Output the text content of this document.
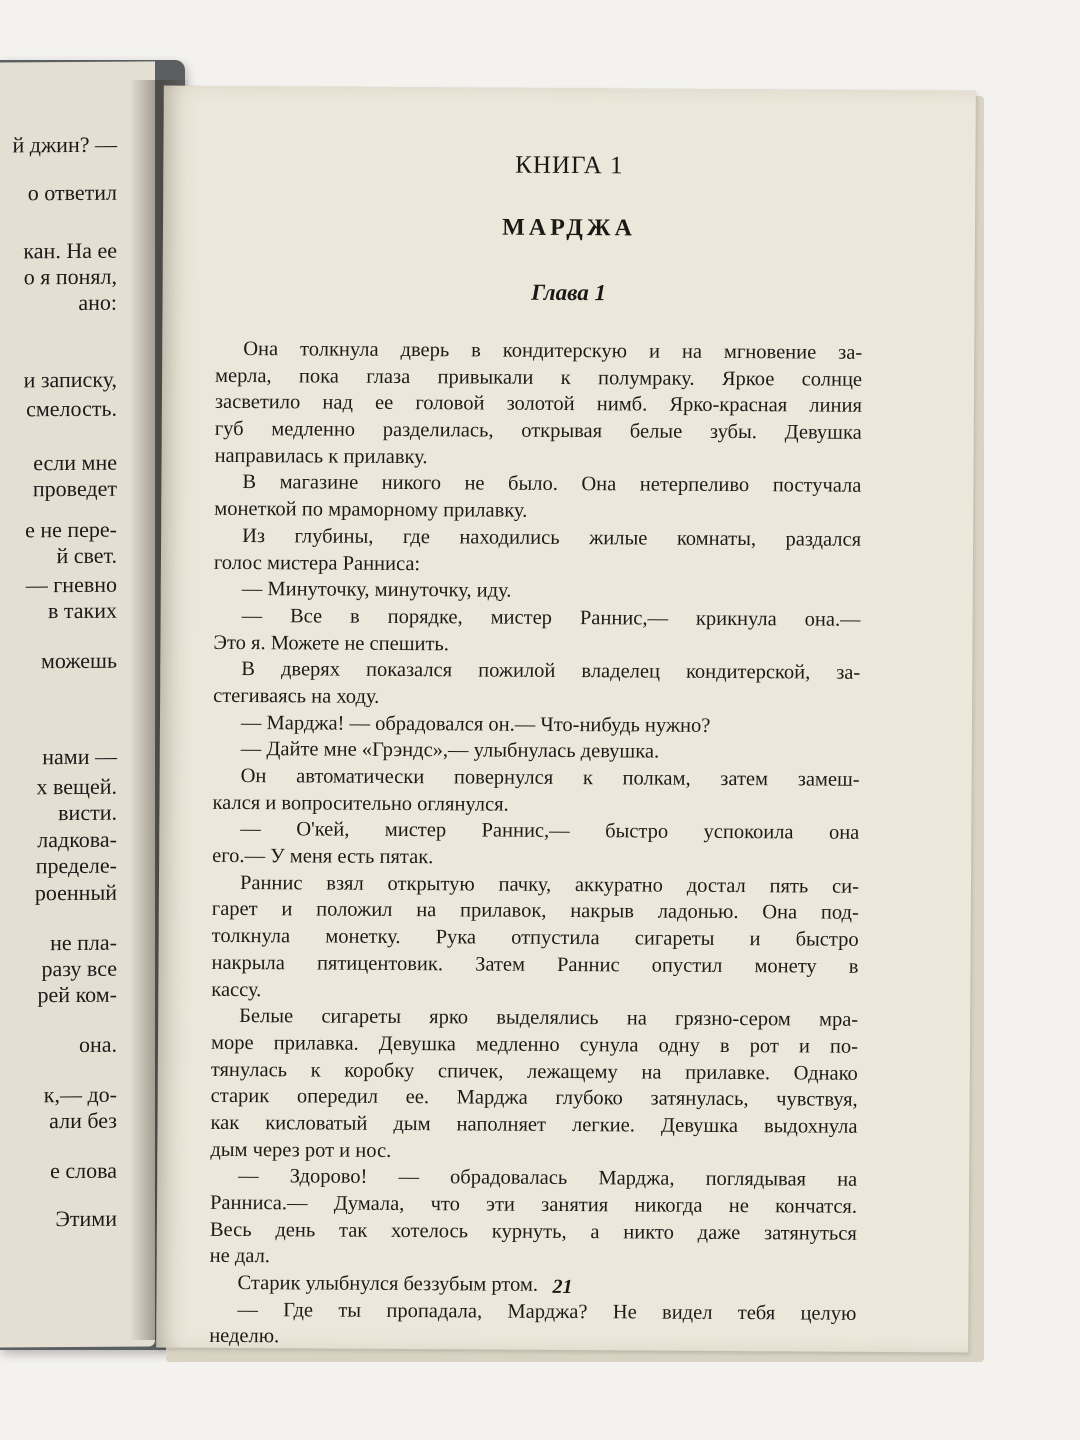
й джин? —
о ответил
кан. На ее
о я понял,
ано:
и записку,
смелость.
если мне
проведет
е не пере-
й свет.
— гневно
в таких
можешь
нами —
х вещей.
висти.
ладкова-
пределе-
роенный
не пла-
разу все
рей ком-
она.
к,— до-
али без
е слова
Этими
КНИГА 1
МАРДЖА
Глава 1
Она толкнула дверь в кондитерскую и на мгновение за-
мерла, пока глаза привыкали к полумраку. Яркое солнце
засветило над ее головой золотой нимб. Ярко-красная линия
губ медленно разделилась, открывая белые зубы. Девушка
направилась к прилавку.
В магазине никого не было. Она нетерпеливо постучала
монеткой по мраморному прилавку.
Из глубины, где находились жилые комнаты, раздался
голос мистера Ранниса:
— Минуточку, минуточку, иду.
— Все в порядке, мистер Раннис,— крикнула она.—
Это я. Можете не спешить.
В дверях показался пожилой владелец кондитерской, за-
стегиваясь на ходу.
— Марджа! — обрадовался он.— Что-нибудь нужно?
— Дайте мне «Грэндс»,— улыбнулась девушка.
Он автоматически повернулся к полкам, затем замеш-
кался и вопросительно оглянулся.
— О'кей, мистер Раннис,— быстро успокоила она
его.— У меня есть пятак.
Раннис взял открытую пачку, аккуратно достал пять си-
гарет и положил на прилавок, накрыв ладонью. Она под-
толкнула монетку. Рука отпустила сигареты и быстро
накрыла пятицентовик. Затем Раннис опустил монету в
кассу.
Белые сигареты ярко выделялись на грязно-сером мра-
море прилавка. Девушка медленно сунула одну в рот и по-
тянулась к коробку спичек, лежащему на прилавке. Однако
старик опередил ее. Марджа глубоко затянулась, чувствуя,
как кисловатый дым наполняет легкие. Девушка выдохнула
дым через рот и нос.
— Здорово! — обрадовалась Марджа, поглядывая на
Ранниса.— Думала, что эти занятия никогда не кончатся.
Весь день так хотелось курнуть, а никто даже затянуться
не дал.
Старик улыбнулся беззубым ртом.
— Где ты пропадала, Марджа? Не видел тебя целую
неделю.
21
